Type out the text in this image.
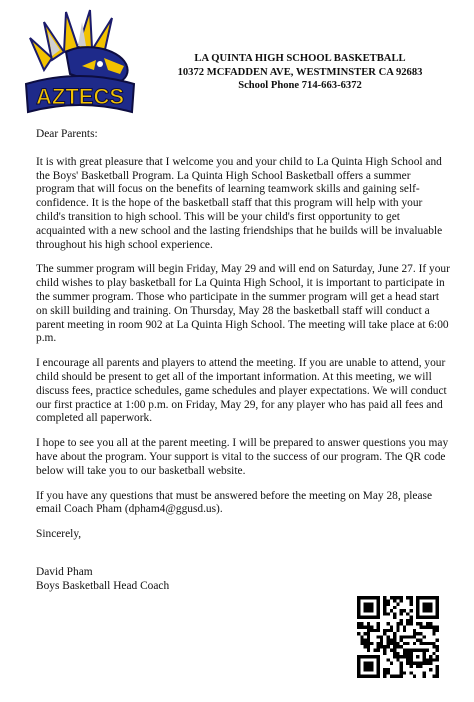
AZTECS
LA QUINTA HIGH SCHOOL BASKETBALL
10372 MCFADDEN AVE, WESTMINSTER CA 92683
School Phone 714-663-6372

Dear Parents:

It is with great pleasure that I welcome you and your child to La Quinta High School and the Boys' Basketball Program. La Quinta High School Basketball offers a summer program that will focus on the benefits of learning teamwork skills and gaining self-confidence. It is the hope of the basketball staff that this program will help with your child's transition to high school. This will be your child's first opportunity to get acquainted with a new school and the lasting friendships that he builds will be invaluable throughout his high school experience.

The summer program will begin Friday, May 29 and will end on Saturday, June 27. If your child wishes to play basketball for La Quinta High School, it is important to participate in the summer program. Those who participate in the summer program will get a head start on skill building and training. On Thursday, May 28 the basketball staff will conduct a parent meeting in room 902 at La Quinta High School. The meeting will take place at 6:00 p.m.

I encourage all parents and players to attend the meeting. If you are unable to attend, your child should be present to get all of the important information. At this meeting, we will discuss fees, practice schedules, game schedules and player expectations. We will conduct our first practice at 1:00 p.m. on Friday, May 29, for any player who has paid all fees and completed all paperwork.

I hope to see you all at the parent meeting. I will be prepared to answer questions you may have about the program. Your support is vital to the success of our program. The QR code below will take you to our basketball website.

If you have any questions that must be answered before the meeting on May 28, please email Coach Pham (dpham4@ggusd.us).

Sincerely,

David Pham
Boys Basketball Head Coach
